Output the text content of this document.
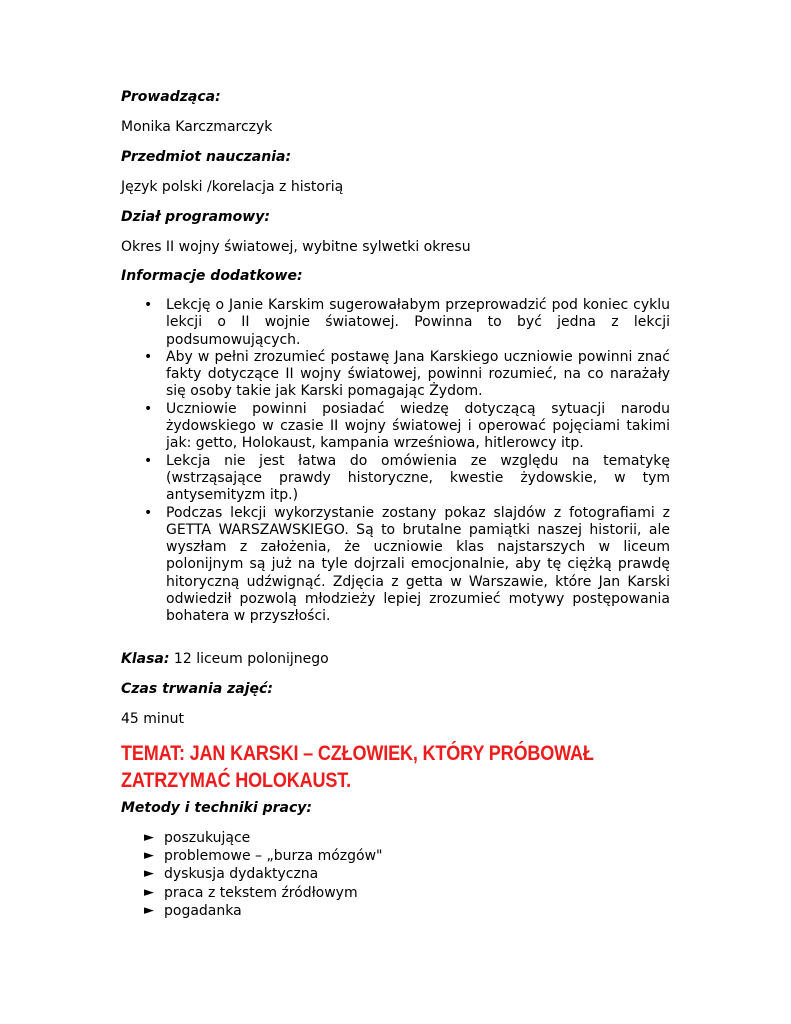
Prowadząca:
Monika Karczmarczyk
Przedmiot nauczania:
Język polski /korelacja z historią
Dział programowy:
Okres II wojny światowej, wybitne sylwetki okresu
Informacje dodatkowe:
• Lekcję o Janie Karskim sugerowałabym przeprowadzić pod koniec cyklu lekcji o II wojnie światowej. Powinna to być jedna z lekcji podsumowujących.
• Aby w pełni zrozumieć postawę Jana Karskiego uczniowie powinni znać fakty dotyczące II wojny światowej, powinni rozumieć, na co narażały się osoby takie jak Karski pomagając Żydom.
• Uczniowie powinni posiadać wiedzę dotyczącą sytuacji narodu żydowskiego w czasie II wojny światowej i operować pojęciami takimi jak: getto, Holokaust, kampania wrześniowa, hitlerowcy itp.
• Lekcja nie jest łatwa do omówienia ze względu na tematykę (wstrząsające prawdy historyczne, kwestie żydowskie, w tym antysemityzm itp.)
• Podczas lekcji wykorzystanie zostany pokaz slajdów z fotografiami z GETTA WARSZAWSKIEGO. Są to brutalne pamiątki naszej historii, ale wyszłam z założenia, że uczniowie klas najstarszych w liceum polonijnym są już na tyle dojrzali emocjonalnie, aby tę ciężką prawdę hitoryczną udźwignąć. Zdjęcia z getta w Warszawie, które Jan Karski odwiedził pozwolą młodzieży lepiej zrozumieć motywy postępowania bohatera w przyszłości.
Klasa: 12 liceum polonijnego
Czas trwania zajęć:
45 minut
TEMAT: JAN KARSKI – CZŁOWIEK, KTÓRY PRÓBOWAŁ
ZATRZYMAĆ HOLOKAUST.
Metody i techniki pracy:
► poszukujące
► problemowe – „burza mózgów"
► dyskusja dydaktyczna
► praca z tekstem źródłowym
► pogadanka
